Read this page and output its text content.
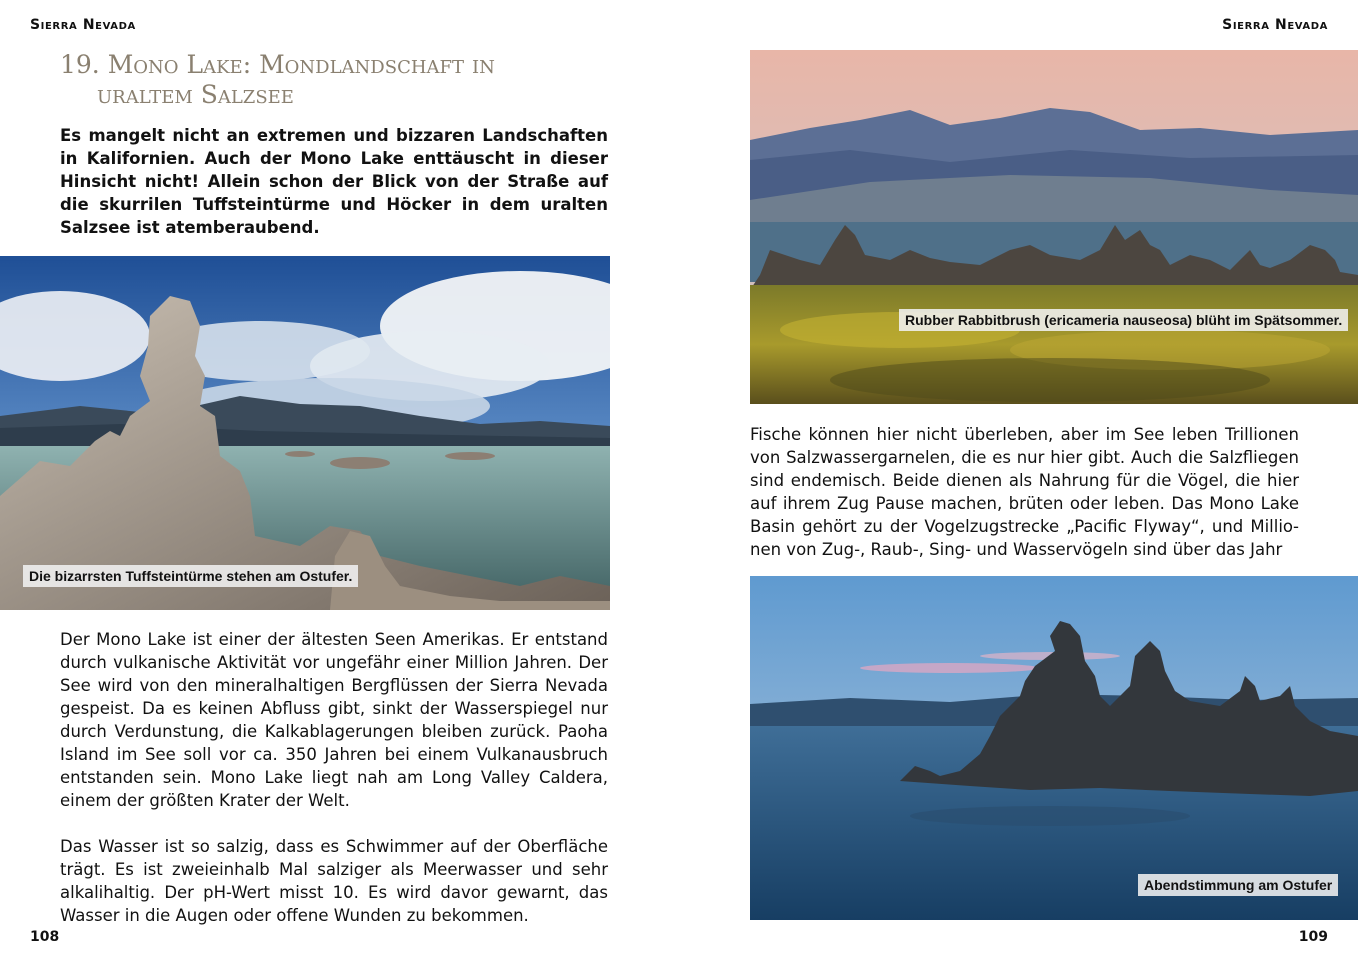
Sierra Nevada
19. Mono Lake: Mondlandschaft in
uraltem Salzsee

Es mangelt nicht an extremen und bizzaren Landschaften in Kalifornien. Auch der Mono Lake enttäuscht in dieser Hinsicht nicht! Allein schon der Blick von der Straße auf die skurrilen Tuffsteintürme und Höcker in dem uralten Salzsee ist atemberaubend.

Die bizarrsten Tuffsteintürme stehen am Ostufer.

Der Mono Lake ist einer der ältesten Seen Amerikas. Er entstand durch vulkanische Aktivität vor ungefähr einer Million Jahren. Der See wird von den mineralhaltigen Bergflüssen der Sierra Nevada gespeist. Da es keinen Abfluss gibt, sinkt der Wasserspiegel nur durch Verdunstung, die Kalkablagerungen bleiben zurück. Paoha Island im See soll vor ca. 350 Jahren bei einem Vulkanausbruch entstanden sein. Mono Lake liegt nah am Long Valley Caldera, einem der größten Krater der Welt.

Das Wasser ist so salzig, dass es Schwimmer auf der Oberfläche trägt. Es ist zweieinhalb Mal salziger als Meerwasser und sehr alkalihaltig. Der pH-Wert misst 10. Es wird davor gewarnt, das Wasser in die Augen oder offene Wunden zu bekommen.

108
Sierra Nevada
Rubber Rabbitbrush (ericameria nauseosa) blüht im Spätsommer.

Fische können hier nicht überleben, aber im See leben Trillionen von Salzwassergarnelen, die es nur hier gibt. Auch die Salzfliegen sind endemisch. Beide dienen als Nahrung für die Vögel, die hier auf ihrem Zug Pause machen, brüten oder leben. Das Mono Lake Basin gehört zu der Vogelzugstrecke „Pacific Flyway“, und Millionen von Zug-, Raub-, Sing- und Wasservögeln sind über das Jahr

Abendstimmung am Ostufer
109
